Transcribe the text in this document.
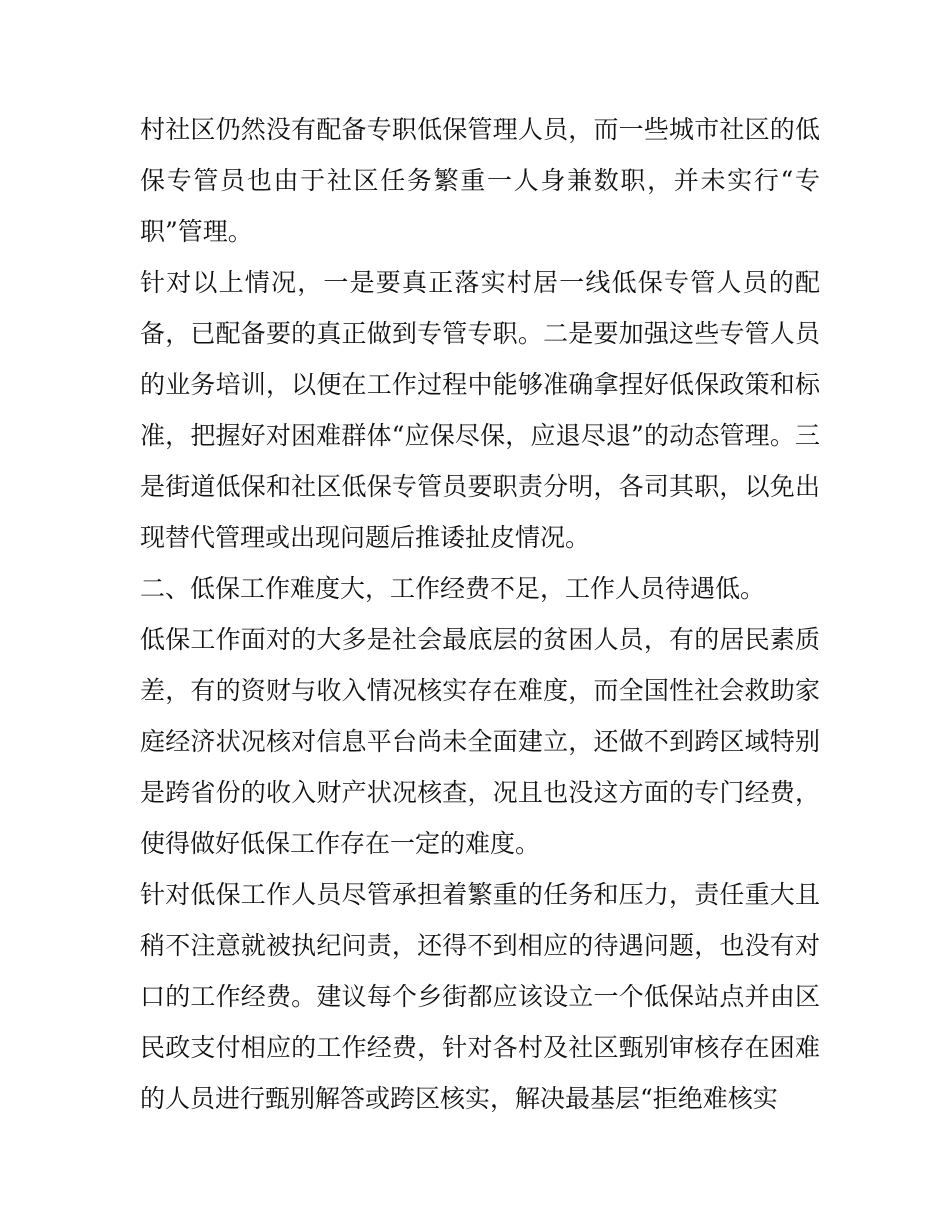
村社区仍然没有配备专职低保管理人员，而一些城市社区的低保专管员也由于社区任务繁重一人身兼数职，并未实行“专职”管理。

针对以上情况，一是要真正落实村居一线低保专管人员的配备，已配备要的真正做到专管专职。二是要加强这些专管人员的业务培训，以便在工作过程中能够准确拿捏好低保政策和标准，把握好对困难群体“应保尽保，应退尽退”的动态管理。三是街道低保和社区低保专管员要职责分明，各司其职，以免出现替代管理或出现问题后推诿扯皮情况。

二、低保工作难度大，工作经费不足，工作人员待遇低。

低保工作面对的大多是社会最底层的贫困人员，有的居民素质差，有的资财与收入情况核实存在难度，而全国性社会救助家庭经济状况核对信息平台尚未全面建立，还做不到跨区域特别是跨省份的收入财产状况核查，况且也没这方面的专门经费，使得做好低保工作存在一定的难度。

针对低保工作人员尽管承担着繁重的任务和压力，责任重大且稍不注意就被执纪问责，还得不到相应的待遇问题，也没有对口的工作经费。建议每个乡街都应该设立一个低保站点并由区民政支付相应的工作经费，针对各村及社区甄别审核存在困难的人员进行甄别解答或跨区核实，解决最基层“拒绝难核实
